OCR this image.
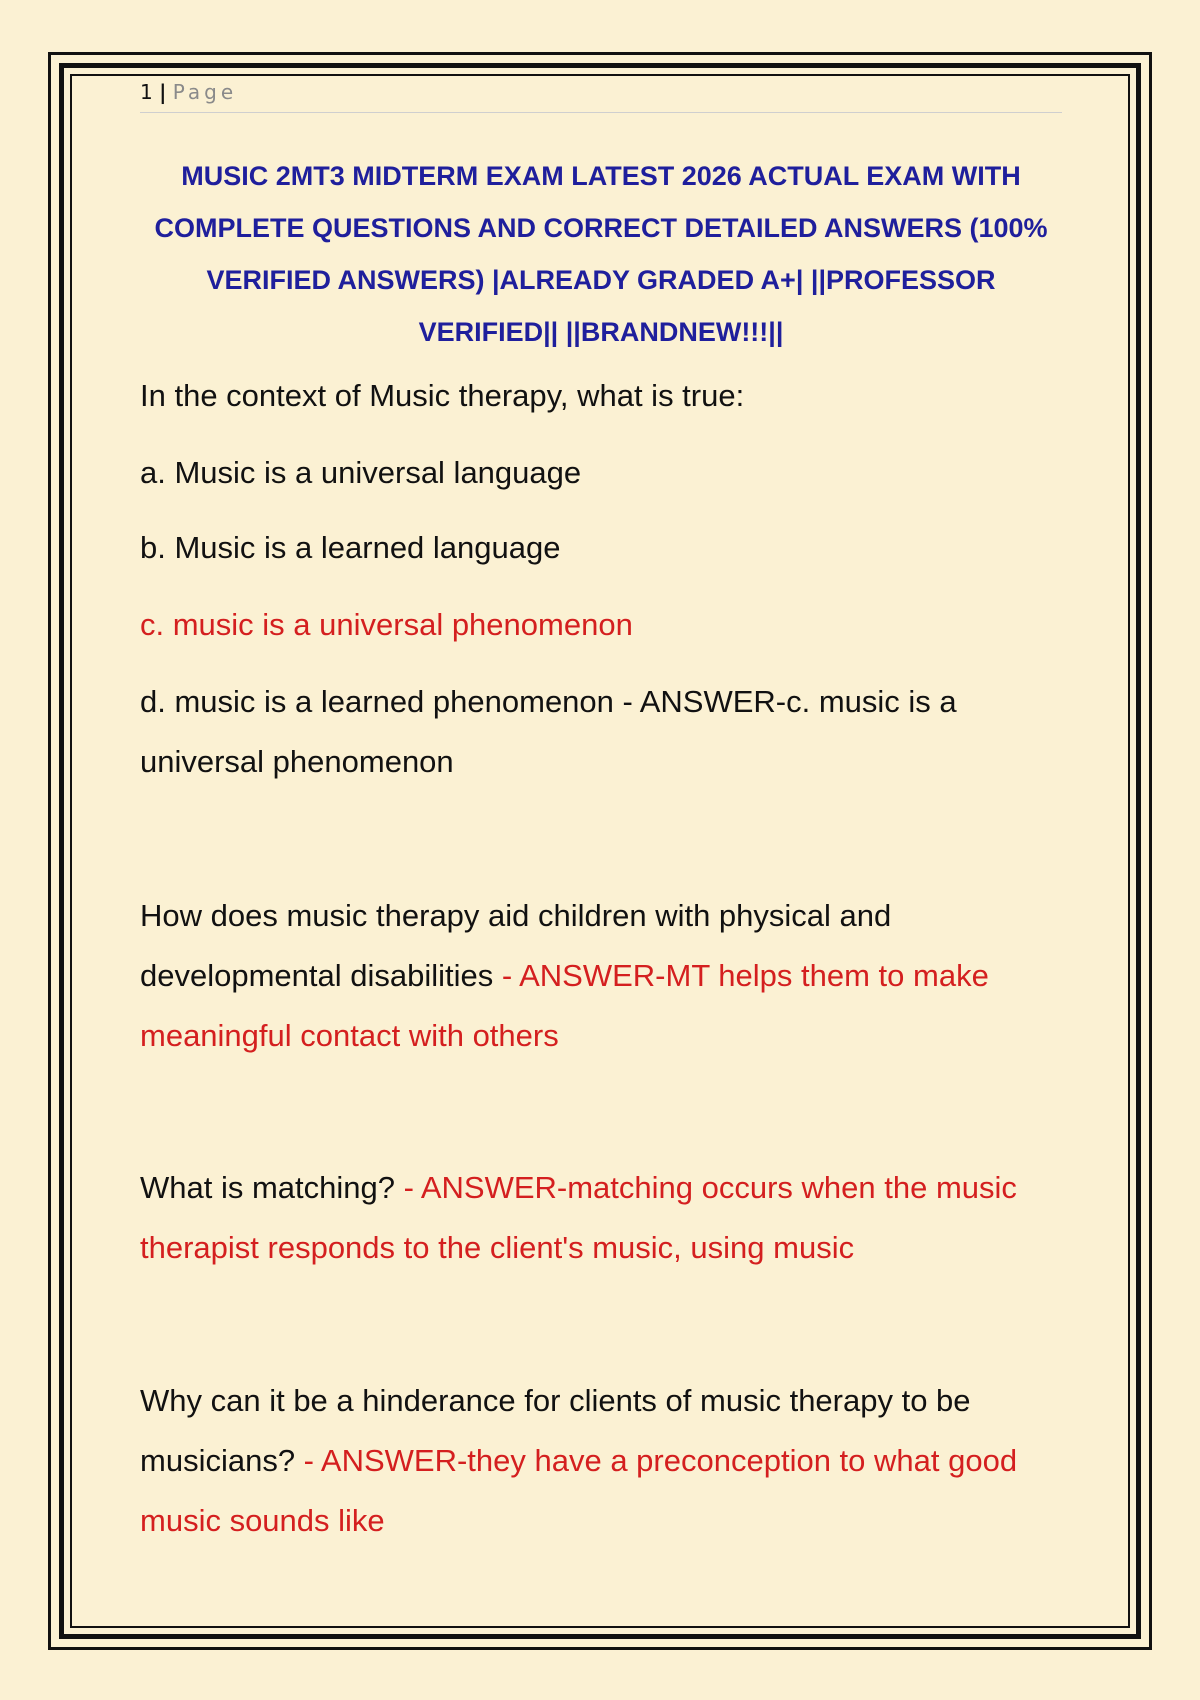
1 | Page
MUSIC 2MT3 MIDTERM EXAM LATEST 2026 ACTUAL EXAM WITH COMPLETE QUESTIONS AND CORRECT DETAILED ANSWERS (100% VERIFIED ANSWERS) |ALREADY GRADED A+| ||PROFESSOR VERIFIED|| ||BRANDNEW!!!||
In the context of Music therapy, what is true:
a. Music is a universal language
b. Music is a learned language
c. music is a universal phenomenon
d. music is a learned phenomenon - ANSWER-c. music is a universal phenomenon
How does music therapy aid children with physical and developmental disabilities - ANSWER-MT helps them to make meaningful contact with others
What is matching? - ANSWER-matching occurs when the music therapist responds to the client's music, using music
Why can it be a hinderance for clients of music therapy to be musicians? - ANSWER-they have a preconception to what good music sounds like
